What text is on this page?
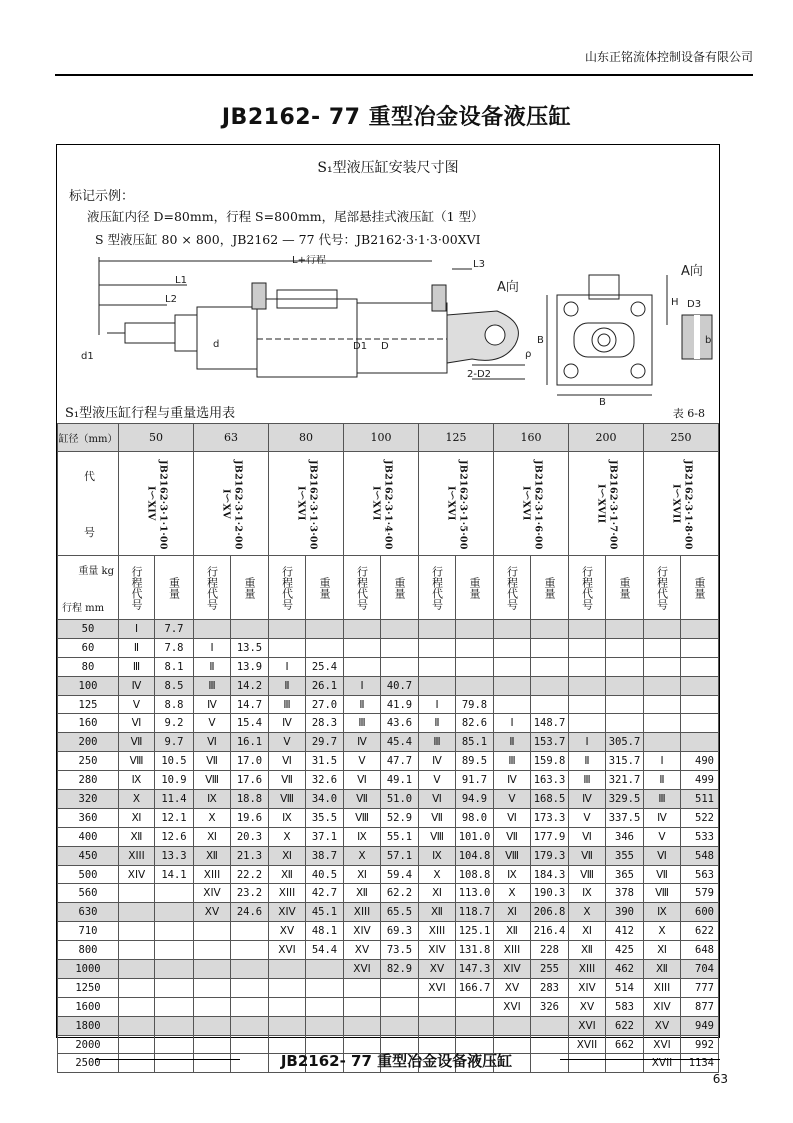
山东正铭流体控制设备有限公司
JB2162- 77 重型冶金设备液压缸
S₁型液压缸安装尺寸图
标记示例：
液压缸内径 D=80mm，行程 S=800mm，尾部悬挂式液压缸（1 型）
S 型液压缸 80 × 800，JB2162 — 77 代号：JB2162·3·1·3·00XVI
L+行程
L1
L2
L3
d1
d	D1 D
2-D2
ρ
A向
A向
B
B
H D3
b
S₁型液压缸行程与重量选用表	表 6-8
缸径（mm）	50		63		80		100		125		160		200		250	

代
号	JB2162·3·1·1·00 I～XIV		JB2162·3·1·2·00 I～XV		JB2162·3·1·3·00 I～XVI		JB2162·3·1·4·00 I～XVI		JB2162·3·1·5·00 I～XVI		JB2162·3·1·6·00 I～XVI		JB2162·3·1·7·00 I～XVII		JB2162·3·1·8·00 I～XVII	

重量 kg
行程 mm	行程代号	重量	行程代号	重量	行程代号	重量	行程代号	重量	行程代号	重量	行程代号	重量	行程代号	重量	行程代号	重量

50	Ⅰ	7.7														
60	Ⅱ	7.8	Ⅰ	13.5												
80	Ⅲ	8.1	Ⅱ	13.9	Ⅰ	25.4										
100	Ⅳ	8.5	Ⅲ	14.2	Ⅱ	26.1	Ⅰ	40.7								
125	Ⅴ	8.8	Ⅳ	14.7	Ⅲ	27.0	Ⅱ	41.9	Ⅰ	79.8						
160	Ⅵ	9.2	Ⅴ	15.4	Ⅳ	28.3	Ⅲ	43.6	Ⅱ	82.6	Ⅰ	148.7				
200	Ⅶ	9.7	Ⅵ	16.1	Ⅴ	29.7	Ⅳ	45.4	Ⅲ	85.1	Ⅱ	153.7	Ⅰ	305.7		
250	Ⅷ	10.5	Ⅶ	17.0	Ⅵ	31.5	Ⅴ	47.7	Ⅳ	89.5	Ⅲ	159.8	Ⅱ	315.7	Ⅰ	490
280	Ⅸ	10.9	Ⅷ	17.6	Ⅶ	32.6	Ⅵ	49.1	Ⅴ	91.7	Ⅳ	163.3	Ⅲ	321.7	Ⅱ	499
320	Ⅹ	11.4	Ⅸ	18.8	Ⅷ	34.0	Ⅶ	51.0	Ⅵ	94.9	Ⅴ	168.5	Ⅳ	329.5	Ⅲ	511
360	Ⅺ	12.1	Ⅹ	19.6	Ⅸ	35.5	Ⅷ	52.9	Ⅶ	98.0	Ⅵ	173.3	Ⅴ	337.5	Ⅳ	522
400	Ⅻ	12.6	Ⅺ	20.3	Ⅹ	37.1	Ⅸ	55.1	Ⅷ	101.0	Ⅶ	177.9	Ⅵ	346	Ⅴ	533
450	XIII	13.3	Ⅻ	21.3	Ⅺ	38.7	Ⅹ	57.1	Ⅸ	104.8	Ⅷ	179.3	Ⅶ	355	Ⅵ	548
500	XIV	14.1	XIII	22.2	Ⅻ	40.5	Ⅺ	59.4	Ⅹ	108.8	Ⅸ	184.3	Ⅷ	365	Ⅶ	563
560			XIV	23.2	XIII	42.7	Ⅻ	62.2	Ⅺ	113.0	Ⅹ	190.3	Ⅸ	378	Ⅷ	579
630			XV	24.6	XIV	45.1	XIII	65.5	Ⅻ	118.7	Ⅺ	206.8	Ⅹ	390	Ⅸ	600
710					XV	48.1	XIV	69.3	XIII	125.1	Ⅻ	216.4	Ⅺ	412	Ⅹ	622
800					XVI	54.4	XV	73.5	XIV	131.8	XIII	228	Ⅻ	425	Ⅺ	648
1000							XVI	82.9	XV	147.3	XIV	255	XIII	462	Ⅻ	704
1250									XVI	166.7	XV	283	XIV	514	XIII	777
1600											XVI	326	XV	583	XIV	877
1800													XVI	622	XV	949
2000													XVII	662	XVI	992
2500															XVII	1134
JB2162- 77 重型冶金设备液压缸
63
